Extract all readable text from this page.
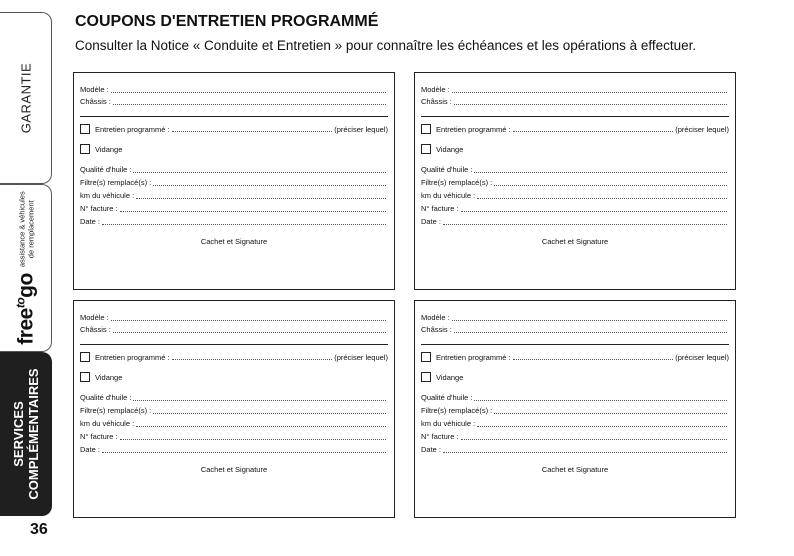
GARANTIE
free$^{to}$go
assistance & véhicules
de remplacement
SERVICES
COMPLÉMENTAIRES
36
COUPONS D'ENTRETIEN PROGRAMMÉ
Consulter la Notice « Conduite et Entretien » pour connaître les échéances et les opérations à effectuer.
Modèle :
Châssis :
Entretien programmé :	(préciser lequel)
Vidange
Qualité d'huile :
Filtre(s) remplacé(s) :
km du véhicule :
N° facture :
Date :
Cachet et Signature
Modèle :
Châssis :
Entretien programmé :	(préciser lequel)
Vidange
Qualité d'huile :
Filtre(s) remplacé(s) :
km du véhicule :
N° facture :
Date :
Cachet et Signature
Modèle :
Châssis :
Entretien programmé :	(préciser lequel)
Vidange
Qualité d'huile :
Filtre(s) remplacé(s) :
km du véhicule :
N° facture :
Date :
Cachet et Signature
Modèle :
Châssis :
Entretien programmé :	(préciser lequel)
Vidange
Qualité d'huile :
Filtre(s) remplacé(s) :
km du véhicule :
N° facture :
Date :
Cachet et Signature
